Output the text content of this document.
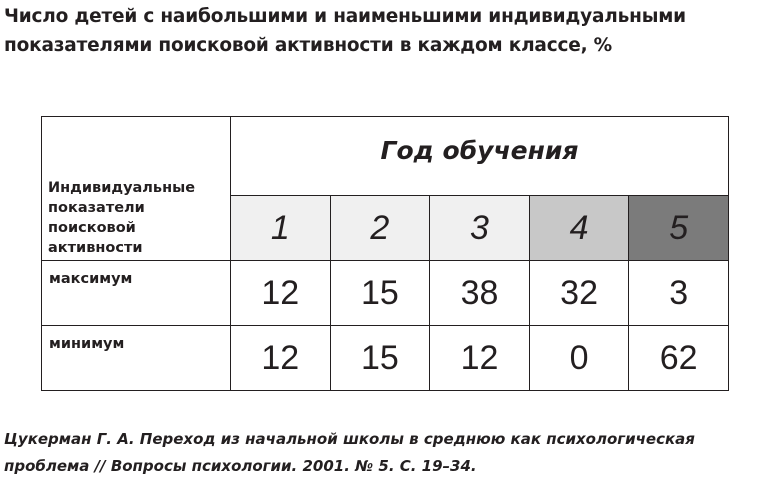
Число детей с наибольшими и наименьшими индивидуальными показателями поисковой активности в каждом классе, %
Индивидуальные показатели поисковой активности	Год обучения				
	1	2	3	4	5
максимум	12	15	38	32	3
минимум	12	15	12	0	62

Цукерман Г. А. Переход из начальной школы в среднюю как психологическая проблема // Вопросы психологии. 2001. № 5. С. 19–34.
